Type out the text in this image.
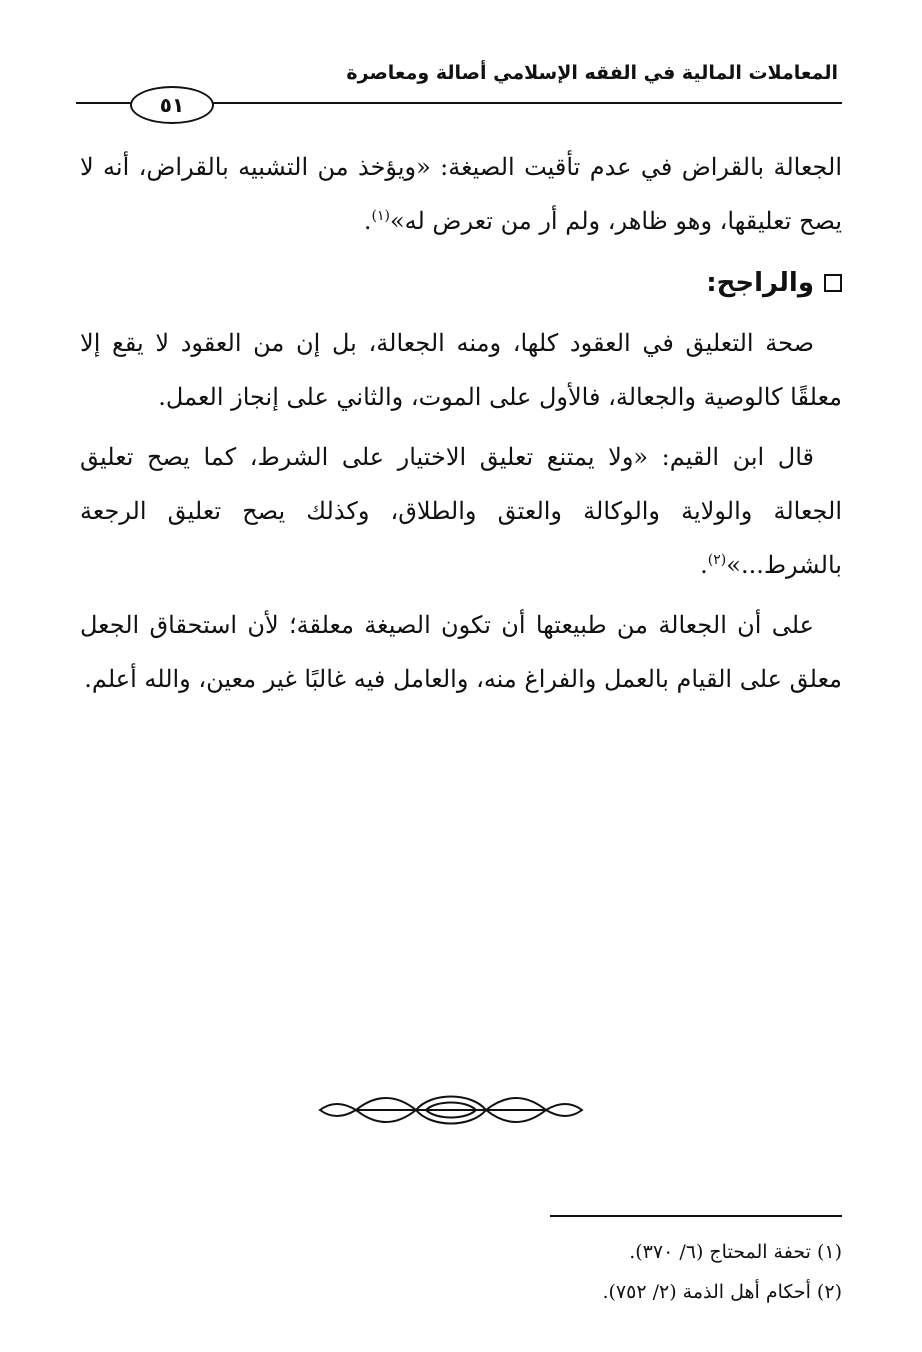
المعاملات المالية في الفقه الإسلامي أصالة ومعاصرة
٥١

الجعالة بالقراض في عدم تأقيت الصيغة: «ويؤخذ من التشبيه بالقراض، أنه لا يصح تعليقها، وهو ظاهر، ولم أر من تعرض له»$^{(١)}$.

والراجح:

صحة التعليق في العقود كلها، ومنه الجعالة، بل إن من العقود لا يقع إلا معلقًا كالوصية والجعالة، فالأول على الموت، والثاني على إنجاز العمل.

قال ابن القيم: «ولا يمتنع تعليق الاختيار على الشرط، كما يصح تعليق الجعالة والولاية والوكالة والعتق والطلاق، وكذلك يصح تعليق الرجعة بالشرط...»$^{(٢)}$.

على أن الجعالة من طبيعتها أن تكون الصيغة معلقة؛ لأن استحقاق الجعل معلق على القيام بالعمل والفراغ منه، والعامل فيه غالبًا غير معين، والله أعلم.

(١) تحفة المحتاج (٦/ ٣٧٠).
(٢) أحكام أهل الذمة (٢/ ٧٥٢).
